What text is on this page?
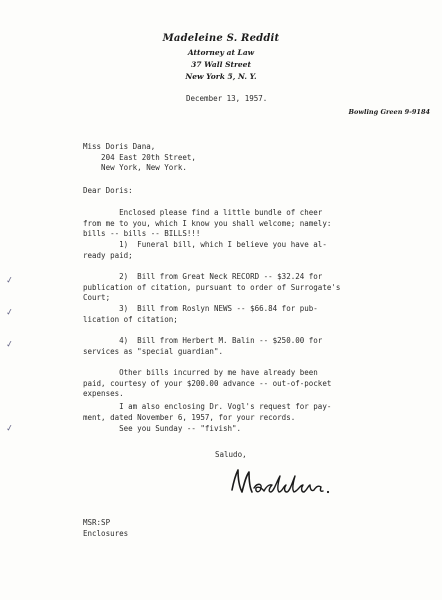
Madeleine S. Reddit
Attorney at Law
37 Wall Street
New York 5, N. Y.
December 13, 1957.
Bowling Green 9-9184
Miss Doris Dana,
204 East 20th Street,
New York, New York.
Dear Doris:
Enclosed please find a little bundle of cheer
from me to you, which I know you shall welcome; namely:
bills -- bills -- BILLS!!!
1)  Funeral bill, which I believe you have al-
ready paid;
2)  Bill from Great Neck RECORD -- $32.24 for
publication of citation, pursuant to order of Surrogate's
Court;
3)  Bill from Roslyn NEWS -- $66.84 for pub-
lication of citation;
4)  Bill from Herbert M. Balin -- $250.00 for
services as "special guardian".
Other bills incurred by me have already been
paid, courtesy of your $200.00 advance -- out-of-pocket
expenses.
I am also enclosing Dr. Vogl's request for pay-
ment, dated November 6, 1957, for your records.
See you Sunday -- "fivish".
Saludo,
MSR:SP
Enclosures
✓
✓
✓
✓
